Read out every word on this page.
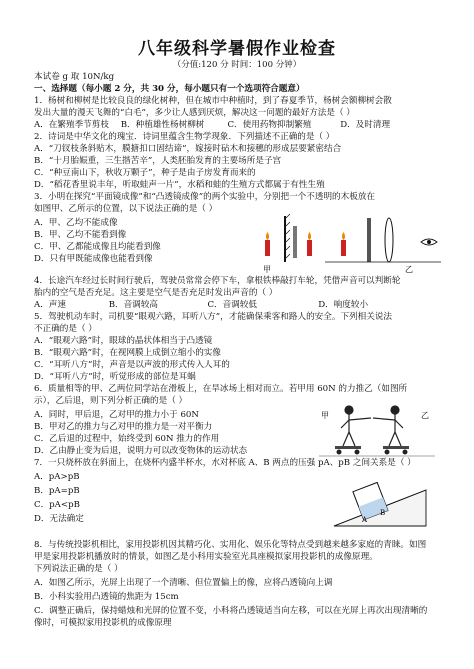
八年级科学暑假作业检查
（分值:120 分 时间：100 分钟）
本试卷 g 取 10N/kg
一、选择题（每小题 2 分，共 30 分，每小题只有一个选项符合题意）
1．杨树和柳树是比较良良的绿化树种，但在城市中种植时，到了春夏季节，杨树会额柳树会散
发出大量的漫天飞舞的“白毛”，多少让人感到厌烦，解决这一问题的最好方法是（ ）
A．在繁殖季节剪枝 B．种植雄性杨树柳树	C．使用药物抑制繁殖	D．及时清理
2．诗词是中华文化的瑰宝．诗词里蕴含生物学现象．下列描述不正确的是（ ）
A．“刀钗枝条斜贴木，膜搪扣口固结谛”，嫁接时砧木和接穗的形成层要紧密结合
B．“十月胎娠重，三生揩苦辛”，人类胚胎发育的主要场所是子宫
C．“种豆南山下，秋收万颗子”，种子是由子房发育而来的
D．“稻花香里说丰年，听取蛙声一片”，水稻和蛙的生殖方式都属于有性生殖
3．小明在探究“平面镜成像”和“凸透镜成像”的两个实验中，分别把一个不透明的木板放在
如图甲、乙所示的位置，以下说法正确的是（ ）
A．甲、乙均不能成像
B．甲、乙均不能看到像
C．甲、乙都能成像且均能看到像
D．只有甲既能成像也能看到像
甲	乙
4．长途汽车经过长时间行驶后，驾驶员常常会停下车，拿根铁棒敲打车轮，凭借声音可以判断轮
胎内的空气是否充足。这主要是空气是否充足时发出声音的（ ）
A．声速	B．音调较高	C．音调较低	D．响度较小
5．驾驶机动车时，司机要“眼观六路，耳听八方”，才能确保乘客和路人的安全。下列相关说法
不正确的是（ ）
A．“眼观六路”时，眼球的晶状体相当于凸透镜
B．“眼观六路”时，在视网膜上成倒立缩小的实像
C．“耳听八方”时，声音是以声波的形式传入人耳的
D．“耳听八方”时，听觉形成的部位是耳蜗
6．质量相等的甲、乙两位同学站在滑板上，在旱冰场上相对而立。若甲用 60N 的力推乙（如图所
示），乙后退，则下列分析正确的是（ ）
A．同时，甲后退，乙对甲的推力小于 60N
B．甲对乙的推力与乙对甲的推力是一对平衡力
C．乙后退的过程中，始终受到 60N 推力的作用
D．乙由静止变为后退，说明力可以改变物体的运动状态
甲	乙
7．一只烧杯放在斜面上，在烧杯内盛半杯水，水对杯底 A、B 两点的压强 pA、pB 之间关系是（ ）
A．pA>pB
B．pA=pB
C．pA<pB
D．无法确定	A
B
8．与传统投影机相比，家用投影机因其精巧化、实用化、娱乐化等特点受到越来越多家庭的青睐。如图
甲是家用投影机播放时的情景，如图乙是小科用实验室光具座模拟家用投影机的成像原理。
下列说法正确的是（ ）
A．如图乙所示，光屏上出现了一个清晰、但位置偏上的像，应将凸透镜向上调
B．小科实验用凸透镜的焦距为 15cm
C．调整正确后，保持蜡烛和光屏的位置不变，小科将凸透镜适当向左移，可以在光屏上再次出现清晰的
像时，可模拟家用投影机的成像原理
